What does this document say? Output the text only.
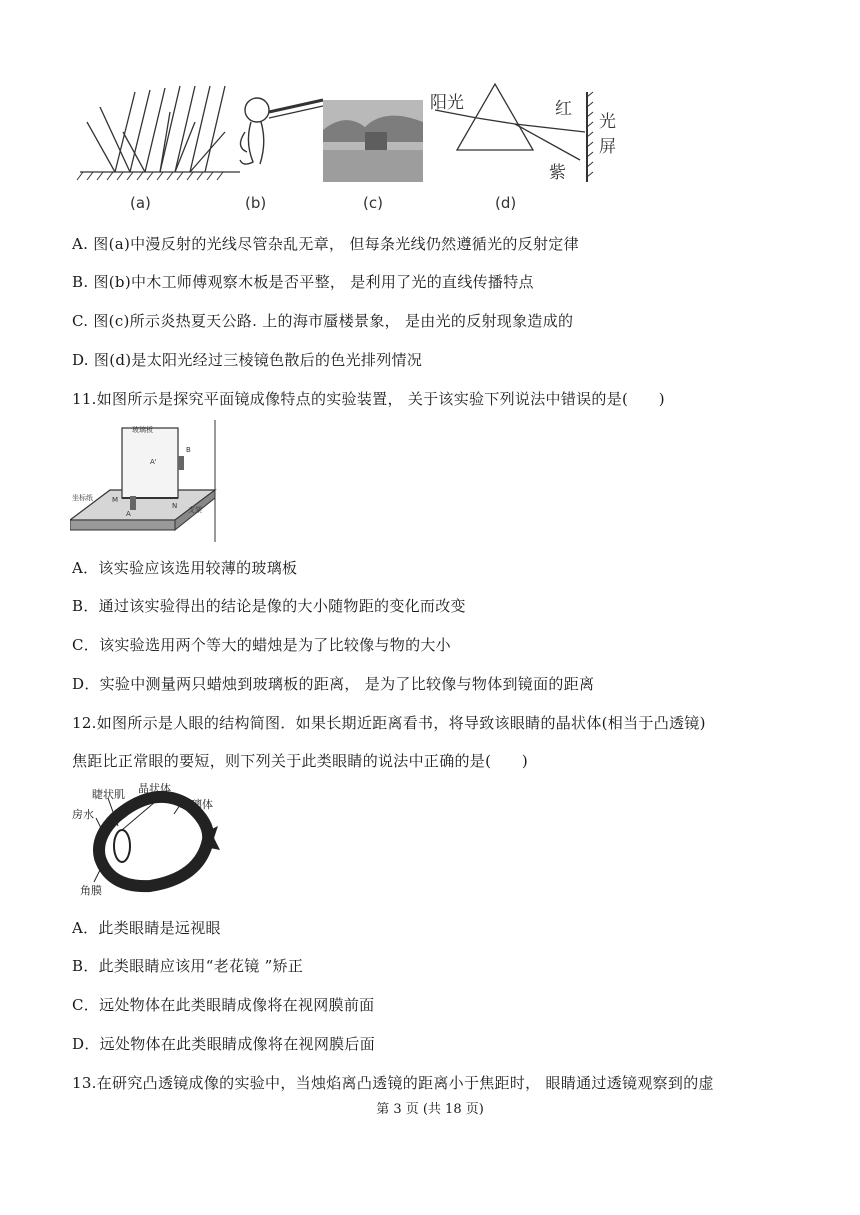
(a)	(b)	(c)
阳光	红
紫
光
屏
(d)
A. 图(a)中漫反射的光线尽管杂乱无章， 但每条光线仍然遵循光的反射定律
B. 图(b)中木工师傅观察木板是否平整， 是利用了光的直线传播特点
C. 图(c)所示炎热夏天公路. 上的海市蜃楼景象， 是由光的反射现象造成的
D. 图(d)是太阳光经过三棱镜色散后的色光排列情况
11.如图所示是探究平面镜成像特点的实验装置， 关于该实验下列说法中错误的是(　　)
玻璃板
坐标纸
支架
A
A'
B
M
N
A．该实验应该选用较薄的玻璃板
B．通过该实验得出的结论是像的大小随物距的变化而改变
C．该实验选用两个等大的蜡烛是为了比较像与物的大小
D．实验中测量两只蜡烛到玻璃板的距离， 是为了比较像与物体到镜面的距离
12.如图所示是人眼的结构简图．如果长期近距离看书，将导致该眼睛的晶状体(相当于凸透镜)
焦距比正常眼的要短，则下列关于此类眼睛的说法中正确的是(　　)
晶状体
睫状肌
房水
玻璃体
角膜
A．此类眼睛是远视眼
B．此类眼睛应该用“老花镜 ”矫正
C．远处物体在此类眼睛成像将在视网膜前面
D．远处物体在此类眼睛成像将在视网膜后面
13.在研究凸透镜成像的实验中，当烛焰离凸透镜的距离小于焦距时， 眼睛通过透镜观察到的虚
第 3 页 (共 18 页)
